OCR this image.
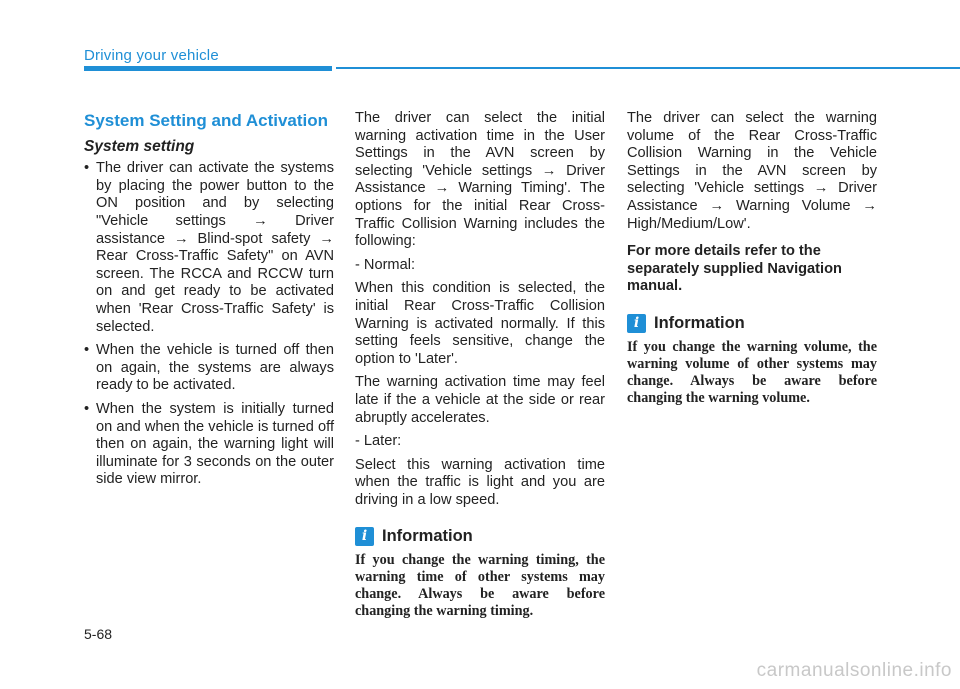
Driving your vehicle
System Setting and Activation
System setting
• The driver can activate the systems by placing the power button to the ON position and by selecting "Vehicle settings → Driver assistance → Blind-spot safety → Rear Cross-Traffic Safety" on AVN screen. The RCCA and RCCW turn on and get ready to be activated when 'Rear Cross-Traffic Safety' is selected.
• When the vehicle is turned off then on again, the systems are always ready to be activated.
• When the system is initially turned on and when the vehicle is turned off then on again, the warning light will illuminate for 3 seconds on the outer side view mirror.

The driver can select the initial warning activation time in the User Settings in the AVN screen by selecting 'Vehicle settings → Driver Assistance → Warning Timing'. The options for the initial Rear Cross-Traffic Collision Warning includes the following:

- Normal:

When this condition is selected, the initial Rear Cross-Traffic Collision Warning is activated normally. If this setting feels sensitive, change the option to 'Later'.

The warning activation time may feel late if the a vehicle at the side or rear abruptly accelerates.

- Later:

Select this warning activation time when the traffic is light and you are driving in a low speed.

i Information

If you change the warning timing, the warning time of other systems may change. Always be aware before changing the warning timing.

The driver can select the warning volume of the Rear Cross-Traffic Collision Warning in the Vehicle Settings in the AVN screen by selecting 'Vehicle settings → Driver Assistance → Warning Volume → High/Medium/Low'.

For more details refer to the separately supplied Navigation manual.

i Information

If you change the warning volume, the warning volume of other systems may change. Always be aware before changing the warning volume.

5-68
carmanualsonline.info
